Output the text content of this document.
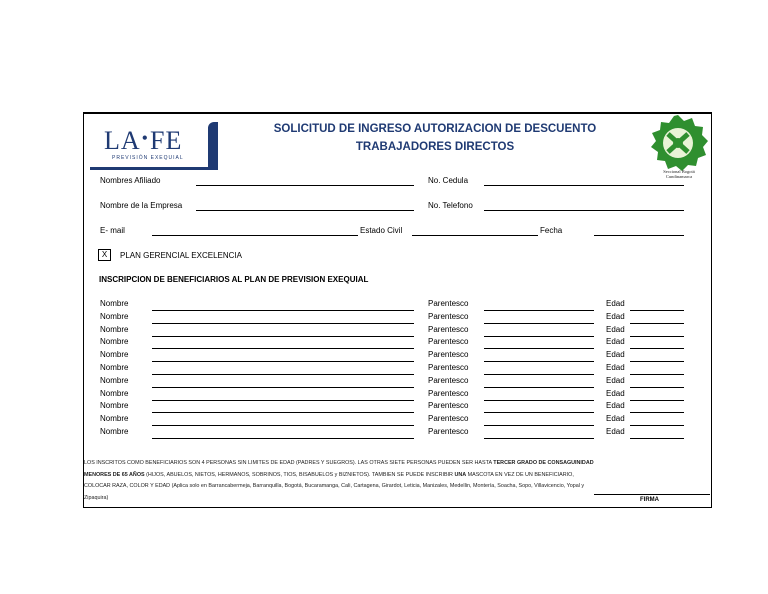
LA•FE
PREVISIÓN EXEQUIAL
SOLICITUD DE INGRESO AUTORIZACION DE DESCUENTO
TRABAJADORES DIRECTOS
Seccional Bogotá
Cundinamarca
Nombres Afiliado	No. Cedula
Nombre de la Empresa	No. Telefono
E- mail	Estado Civil	Fecha
X	PLAN GERENCIAL EXCELENCIA
INSCRIPCION DE BENEFICIARIOS AL PLAN DE PREVISION EXEQUIAL
Nombre	Parentesco	Edad
Nombre	Parentesco	Edad
Nombre	Parentesco	Edad
Nombre	Parentesco	Edad
Nombre	Parentesco	Edad
Nombre	Parentesco	Edad
Nombre	Parentesco	Edad
Nombre	Parentesco	Edad
Nombre	Parentesco	Edad
Nombre	Parentesco	Edad
Nombre	Parentesco	Edad
LOS INSCRITOS COMO BENEFICIARIOS SON 4 PERSONAS SIN LIMITES DE EDAD (PADRES Y SUEGROS). LAS OTRAS SIETE PERSONAS PUEDEN SER HASTA TERCER GRADO DE CONSAGUINIDAD MENORES DE 65 AÑOS (HIJOS, ABUELOS, NIETOS, HERMANOS, SOBRINOS, TIOS, BISABUELOS y BIZNIETOS). TAMBIEN SE PUEDE INSCRIBIR UNA MASCOTA EN VEZ DE UN BENEFICIARIO, COLOCAR RAZA, COLOR Y EDAD (Aplica solo en Barrancabermeja, Barranquilla, Bogotá, Bucaramanga, Cali, Cartagena, Girardot, Leticia, Manizales, Medellin, Montería, Soacha, Sopo, Villavicencio, Yopal y Zipaquira)	FIRMA
